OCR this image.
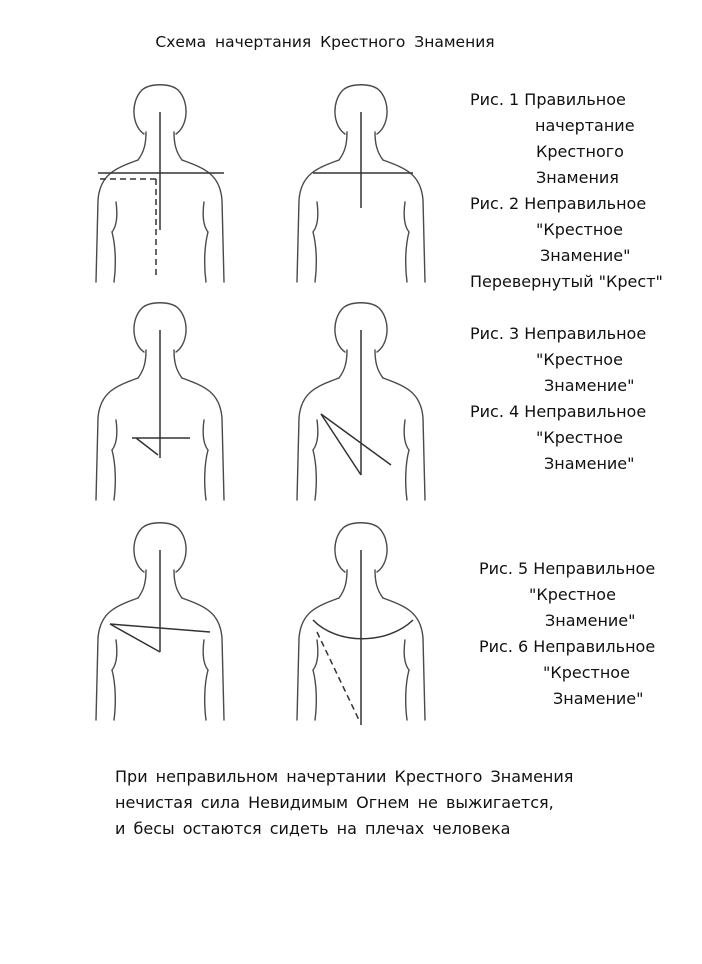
Схема начертания Крестного Знамения
Рис. 1 Правильное
начертание
Крестного
Знамения
Рис. 2 Неправильное
"Крестное
Знамение"
Перевернутый "Крест"
Рис. 3 Неправильное
"Крестное
Знамение"
Рис. 4 Неправильное
"Крестное
Знамение"
Рис. 5 Неправильное
"Крестное
Знамение"
Рис. 6 Неправильное
"Крестное
Знамение"
При неправильном начертании Крестного Знамения
нечистая сила Невидимым Огнем не выжигается,
и бесы остаются сидеть на плечах человека
